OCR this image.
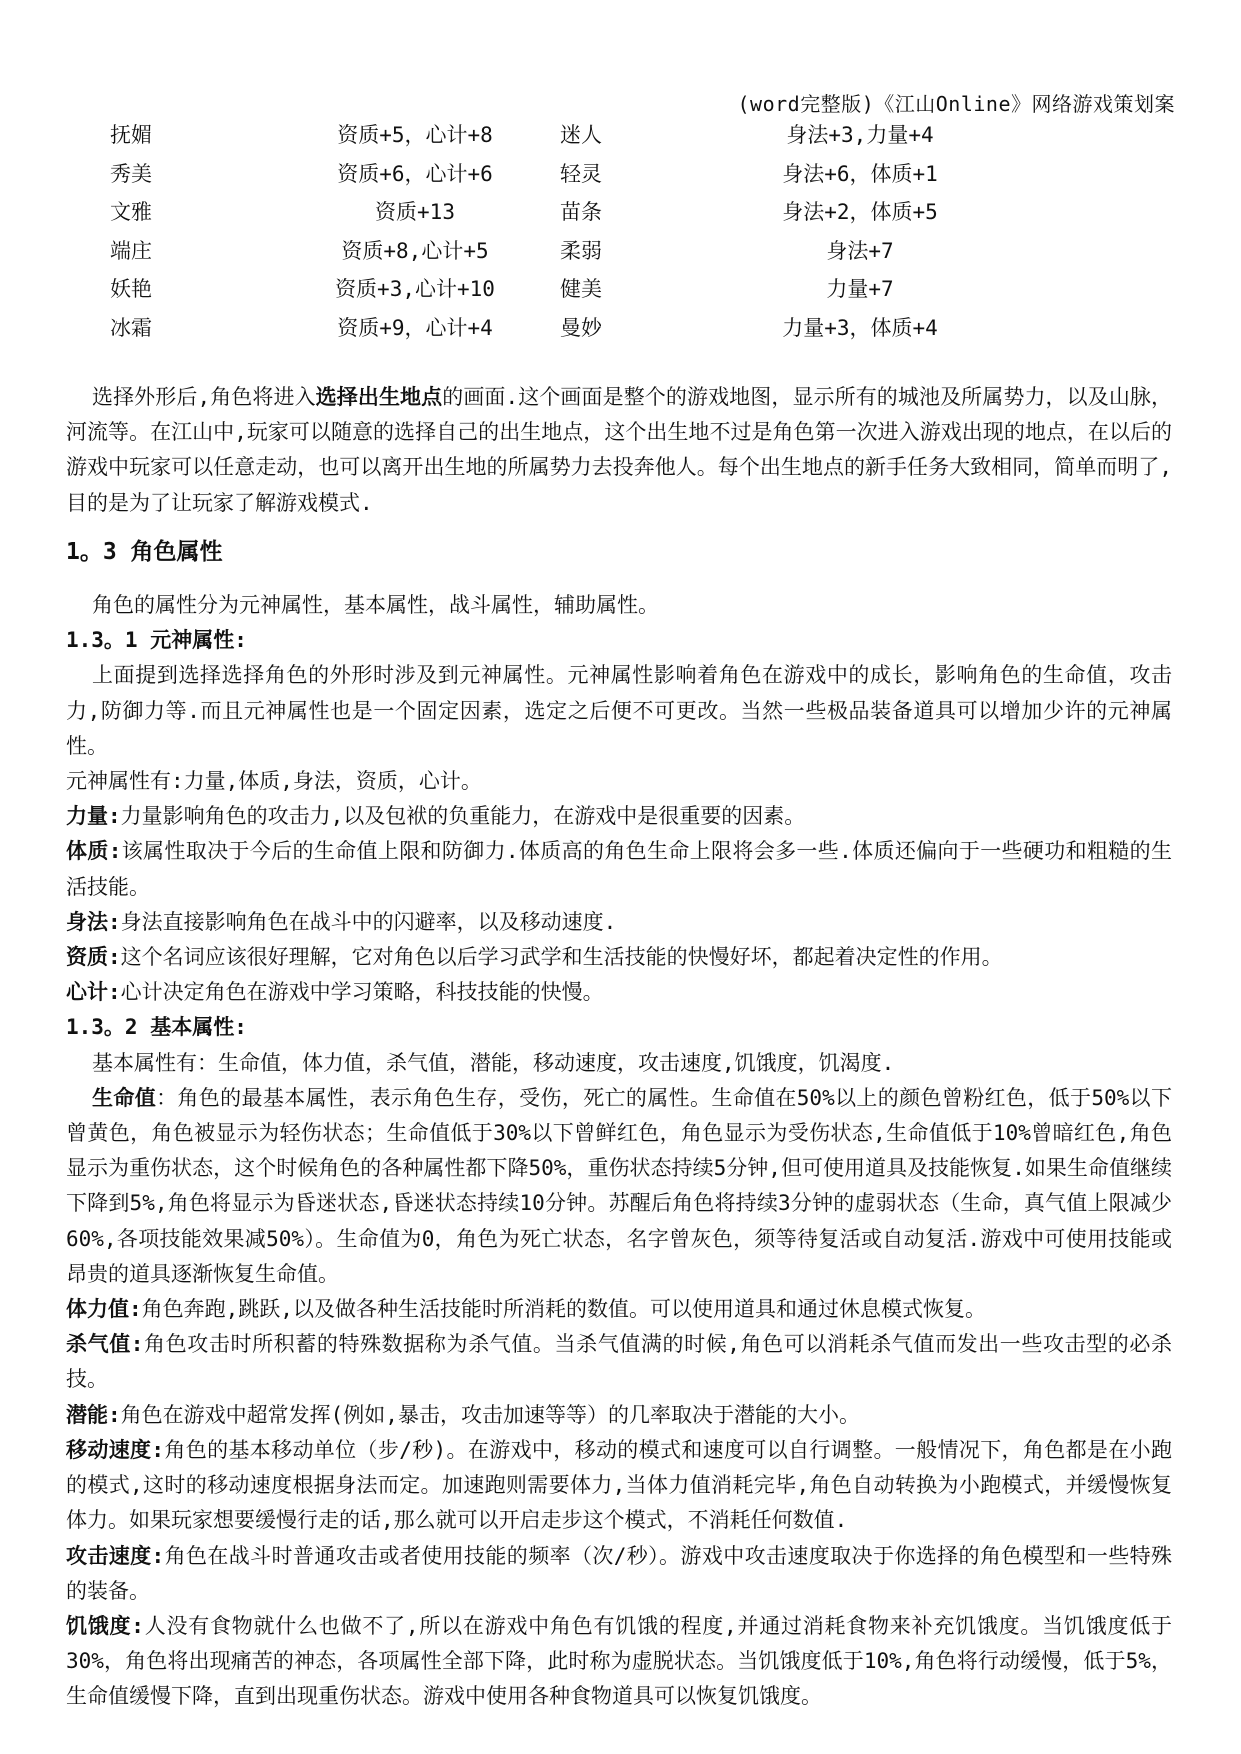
(word完整版)《江山Online》网络游戏策划案
抚媚	资质+5，心计+8	迷人	身法+3,力量+4
秀美	资质+6，心计+6	轻灵	身法+6，体质+1
文雅	资质+13	苗条	身法+2，体质+5
端庄	资质+8,心计+5	柔弱	身法+7
妖艳	资质+3,心计+10	健美	力量+7
冰霜	资质+9，心计+4	曼妙	力量+3，体质+4

选择外形后,角色将进入选择出生地点的画面.这个画面是整个的游戏地图，显示所有的城池及所属势力，以及山脉，河流等。在江山中,玩家可以随意的选择自己的出生地点，这个出生地不过是角色第一次进入游戏出现的地点，在以后的游戏中玩家可以任意走动，也可以离开出生地的所属势力去投奔他人。每个出生地点的新手任务大致相同，简单而明了,目的是为了让玩家了解游戏模式.

1。3 角色属性

角色的属性分为元神属性，基本属性，战斗属性，辅助属性。

1.3。1 元神属性:

上面提到选择选择角色的外形时涉及到元神属性。元神属性影响着角色在游戏中的成长，影响角色的生命值，攻击力,防御力等.而且元神属性也是一个固定因素，选定之后便不可更改。当然一些极品装备道具可以增加少许的元神属性。

元神属性有:力量,体质,身法，资质，心计。

力量:力量影响角色的攻击力,以及包袱的负重能力，在游戏中是很重要的因素。

体质:该属性取决于今后的生命值上限和防御力.体质高的角色生命上限将会多一些.体质还偏向于一些硬功和粗糙的生活技能。

身法:身法直接影响角色在战斗中的闪避率，以及移动速度.

资质:这个名词应该很好理解，它对角色以后学习武学和生活技能的快慢好坏，都起着决定性的作用。

心计:心计决定角色在游戏中学习策略，科技技能的快慢。

1.3。2 基本属性:

基本属性有：生命值，体力值，杀气值，潜能，移动速度，攻击速度,饥饿度，饥渴度.

生命值：角色的最基本属性，表示角色生存，受伤，死亡的属性。生命值在50%以上的颜色曾粉红色，低于50%以下曾黄色，角色被显示为轻伤状态；生命值低于30%以下曾鲜红色，角色显示为受伤状态,生命值低于10%曾暗红色,角色显示为重伤状态，这个时候角色的各种属性都下降50%，重伤状态持续5分钟,但可使用道具及技能恢复.如果生命值继续下降到5%,角色将显示为昏迷状态,昏迷状态持续10分钟。苏醒后角色将持续3分钟的虚弱状态（生命，真气值上限减少60%,各项技能效果减50%）。生命值为0，角色为死亡状态，名字曾灰色，须等待复活或自动复活.游戏中可使用技能或昂贵的道具逐渐恢复生命值。

体力值:角色奔跑,跳跃,以及做各种生活技能时所消耗的数值。可以使用道具和通过休息模式恢复。

杀气值:角色攻击时所积蓄的特殊数据称为杀气值。当杀气值满的时候,角色可以消耗杀气值而发出一些攻击型的必杀技。

潜能:角色在游戏中超常发挥(例如,暴击，攻击加速等等）的几率取决于潜能的大小。

移动速度:角色的基本移动单位（步/秒)。在游戏中，移动的模式和速度可以自行调整。一般情况下，角色都是在小跑的模式,这时的移动速度根据身法而定。加速跑则需要体力,当体力值消耗完毕,角色自动转换为小跑模式，并缓慢恢复体力。如果玩家想要缓慢行走的话,那么就可以开启走步这个模式，不消耗任何数值.

攻击速度:角色在战斗时普通攻击或者使用技能的频率（次/秒）。游戏中攻击速度取决于你选择的角色模型和一些特殊的装备。

饥饿度:人没有食物就什么也做不了,所以在游戏中角色有饥饿的程度,并通过消耗食物来补充饥饿度。当饥饿度低于30%，角色将出现痛苦的神态，各项属性全部下降，此时称为虚脱状态。当饥饿度低于10%,角色将行动缓慢，低于5%，生命值缓慢下降，直到出现重伤状态。游戏中使用各种食物道具可以恢复饥饿度。
